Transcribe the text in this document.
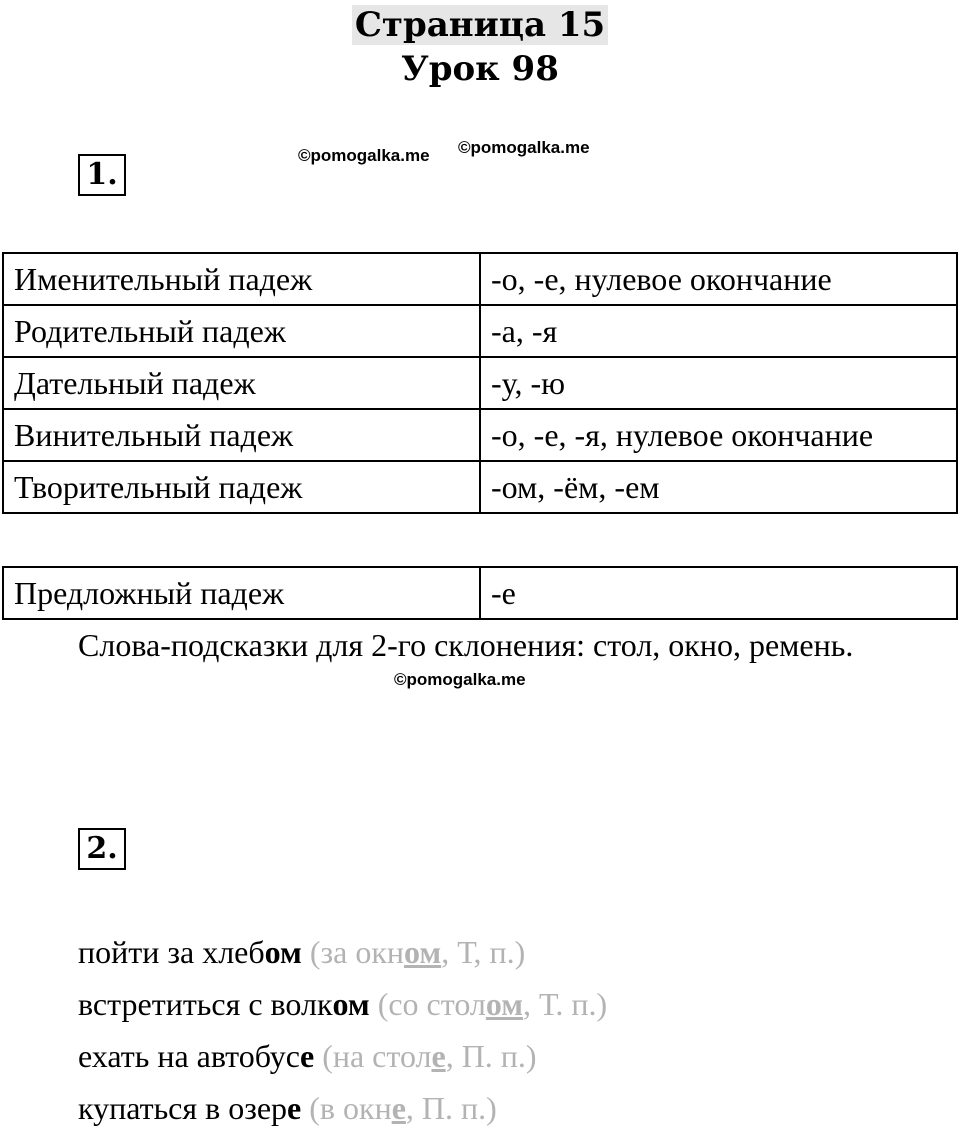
Страница 15
Урок 98
©pomogalka.me ©pomogalka.me
1.
Именительный падеж	-о, -е, нулевое окончание
Родительный падеж	-а, -я
Дательный падеж	-у, -ю
Винительный падеж	-о, -е, -я, нулевое окончание
Творительный падеж	-ом, -ём, -ем
Предложный падеж	-е
Слова-подсказки для 2-го склонения: стол, окно, ремень.
©pomogalka.me
2.
пойти за хлебом (за окном, Т, п.)
встретиться с волком (со столом, Т. п.)
ехать на автобусе (на столе, П. п.)
купаться в озере (в окне, П. п.)
